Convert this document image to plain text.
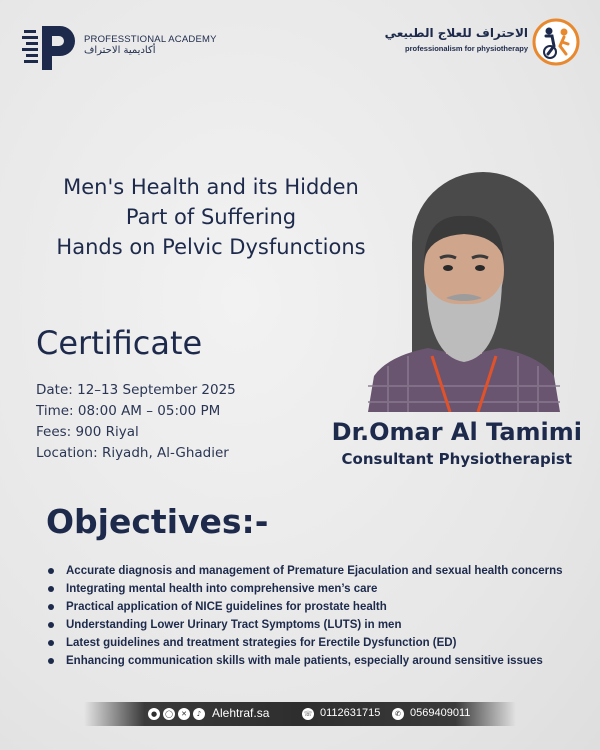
PROFESSTIONAL ACADEMY
أكاديمية الاحتراف
الاحتراف للعلاج الطبيعي
professionalism for physiotherapy
Men's Health and its Hidden
Part of Suffering
Hands on Pelvic Dysfunctions
Certificate
Date: 12–13 September 2025
Time: 08:00 AM – 05:00 PM
Fees: 900 Riyal
Location: Riyadh, Al-Ghadier
Dr.Omar Al Tamimi
Consultant Physiotherapist
Objectives:-
Accurate diagnosis and management of Premature Ejaculation and sexual health concerns
Integrating mental health into comprehensive men’s care
Practical application of NICE guidelines for prostate health
Understanding Lower Urinary Tract Symptoms (LUTS) in men
Latest guidelines and treatment strategies for Erectile Dysfunction (ED)
Enhancing communication skills with male patients, especially around sensitive issues
●	◯	✕	♪ Alehtraf.sa	☏ 0112631715	✆ 0569409011
